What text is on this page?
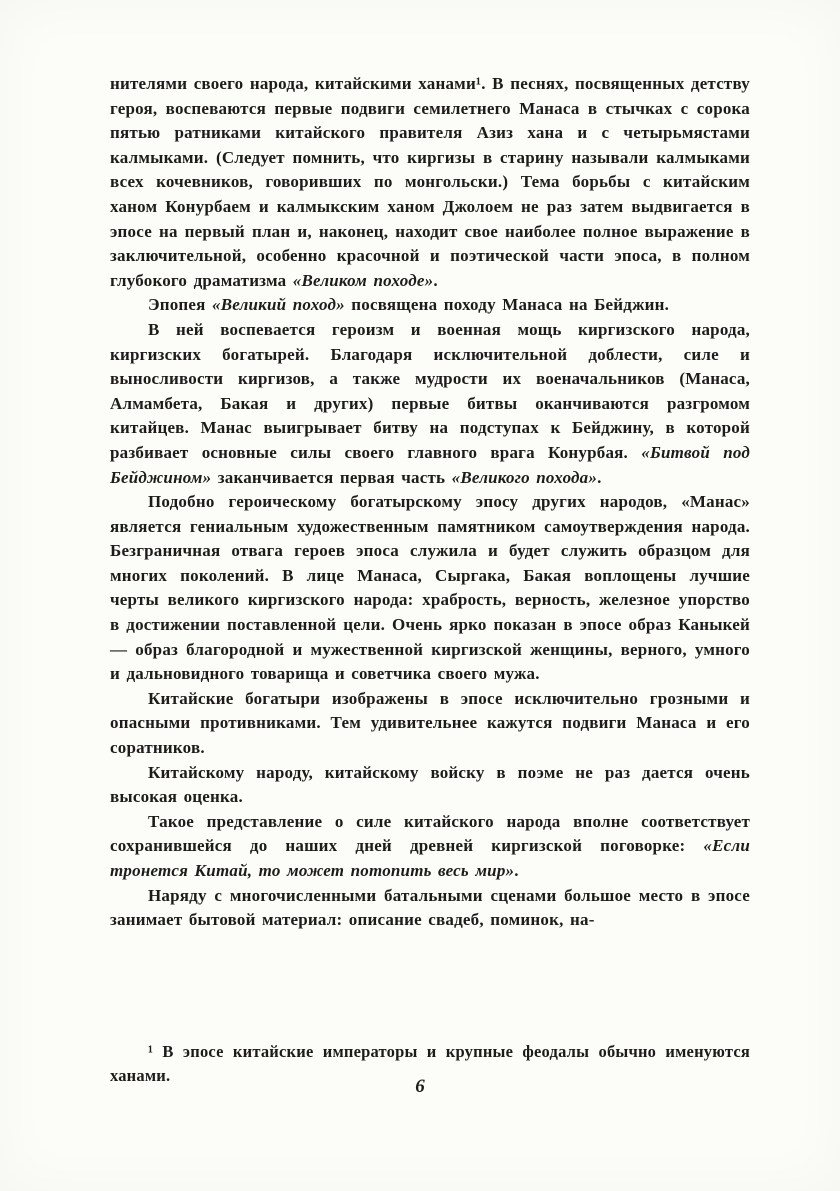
нителями своего народа, китайскими ханами¹. В песнях, посвященных детству героя, воспеваются первые подвиги семилетнего Манаса в стычках с сорока пятью ратниками китайского правителя Азиз хана и с четырьмястами калмыками. (Следует помнить, что киргизы в старину называли калмыками всех кочевников, говоривших по монгольски.) Тема борьбы с китайским ханом Конурбаем и калмыкским ханом Джолоем не раз затем выдвигается в эпосе на первый план и, наконец, находит свое наиболее полное выражение в заключительной, особенно красочной и поэтической части эпоса, в полном глубокого драматизма «Великом походе».

Эпопея «Великий поход» посвящена походу Манаса на Бейджин.

В ней воспевается героизм и военная мощь киргизского народа, киргизских богатырей. Благодаря исключительной доблести, силе и выносливости киргизов, а также мудрости их военачальников (Манаса, Алмамбета, Бакая и других) первые битвы оканчиваются разгромом китайцев. Манас выигрывает битву на подступах к Бейджину, в которой разбивает основные силы своего главного врага Конурбая. «Битвой под Бейджином» заканчивается первая часть «Великого похода».

Подобно героическому богатырскому эпосу других народов, «Манас» является гениальным художественным памятником самоутверждения народа. Безграничная отвага героев эпоса служила и будет служить образцом для многих поколений. В лице Манаса, Сыргака, Бакая воплощены лучшие черты великого киргизского народа: храбрость, верность, железное упорство в достижении поставленной цели. Очень ярко показан в эпосе образ Каныкей — образ благородной и мужественной киргизской женщины, верного, умного и дальновидного товарища и советчика своего мужа.

Китайские богатыри изображены в эпосе исключительно грозными и опасными противниками. Тем удивительнее кажутся подвиги Манаса и его соратников.

Китайскому народу, китайскому войску в поэме не раз дается очень высокая оценка.

Такое представление о силе китайского народа вполне соответствует сохранившейся до наших дней древней киргизской поговорке: «Если тронется Китай, то может потопить весь мир».

Наряду с многочисленными батальными сценами большое место в эпосе занимает бытовой материал: описание свадеб, поминок, на-

¹ В эпосе китайские императоры и крупные феодалы обычно именуются ханами.

6
